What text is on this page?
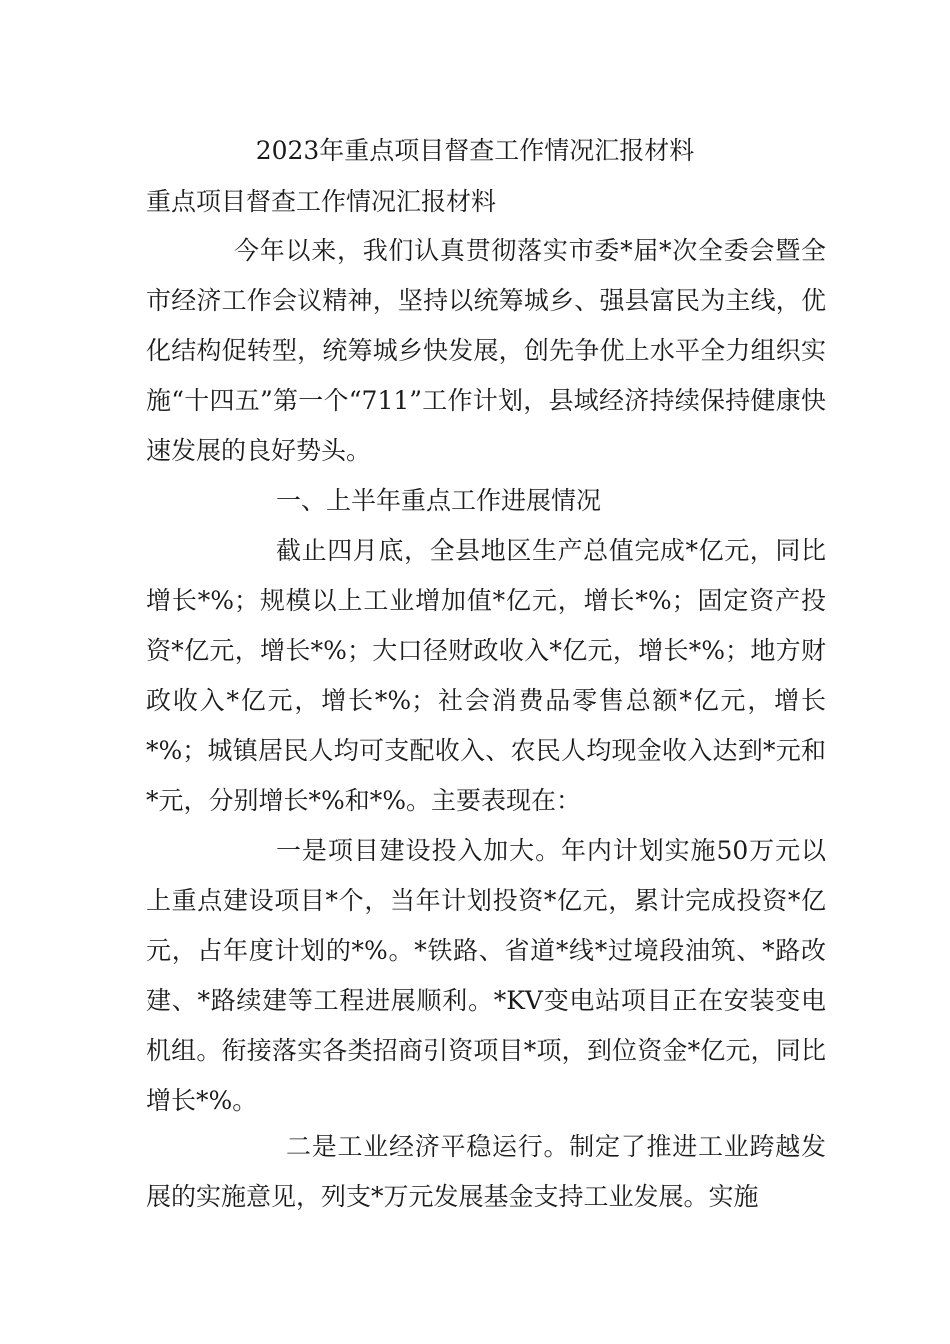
2023年重点项目督查工作情况汇报材料
重点项目督查工作情况汇报材料

今年以来，我们认真贯彻落实市委*届*次全委会暨全市经济工作会议精神，坚持以统筹城乡、强县富民为主线，优化结构促转型，统筹城乡快发展，创先争优上水平全力组织实施“十四五”第一个“711”工作计划，县域经济持续保持健康快速发展的良好势头。

一、上半年重点工作进展情况

截止四月底，全县地区生产总值完成*亿元，同比增长*%；规模以上工业增加值*亿元，增长*%；固定资产投资*亿元，增长*%；大口径财政收入*亿元，增长*%；地方财政收入*亿元，增长*%；社会消费品零售总额*亿元，增长*%；城镇居民人均可支配收入、农民人均现金收入达到*元和*元，分别增长*%和*%。主要表现在：

一是项目建设投入加大。年内计划实施50万元以上重点建设项目*个，当年计划投资*亿元，累计完成投资*亿元，占年度计划的*%。*铁路、省道*线*过境段油筑、*路改建、*路续建等工程进展顺利。*KV变电站项目正在安装变电机组。衔接落实各类招商引资项目*项，到位资金*亿元，同比增长*%。

二是工业经济平稳运行。制定了推进工业跨越发展的实施意见，列支*万元发展基金支持工业发展。实施
